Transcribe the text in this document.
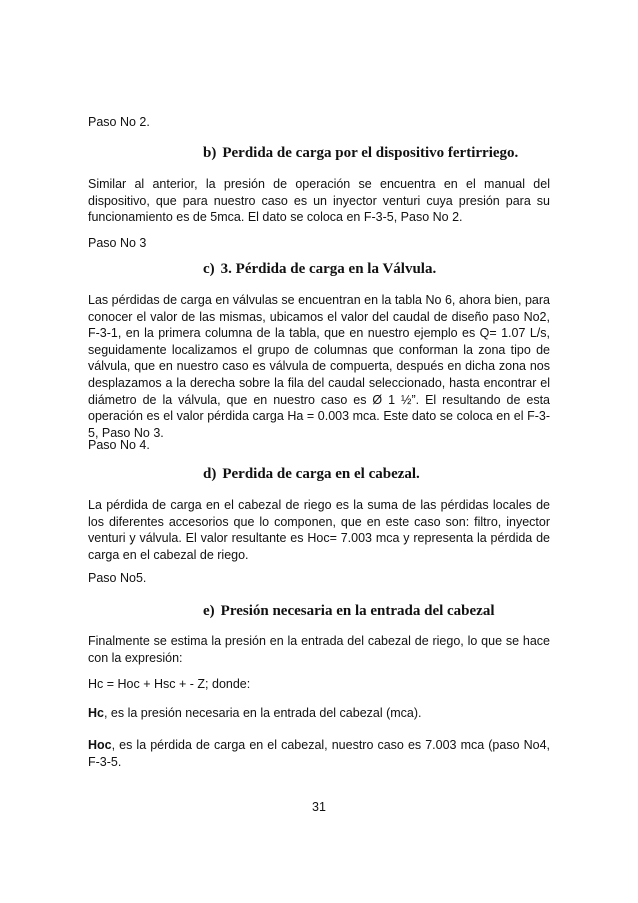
Paso No 2.

b) Perdida de carga por el dispositivo fertirriego.

Similar al anterior, la presión de operación se encuentra en el manual del dispositivo, que para nuestro caso es un inyector venturi cuya presión para su funcionamiento es de 5mca. El dato se coloca en F-3-5, Paso No 2.

Paso No 3

c) 3. Pérdida de carga en la Válvula.

Las pérdidas de carga en válvulas se encuentran en la tabla No 6, ahora bien, para conocer el valor de las mismas, ubicamos el valor del caudal de diseño paso No2, F-3-1, en la primera columna de la tabla, que en nuestro ejemplo es Q= 1.07 L/s, seguidamente localizamos el grupo de columnas que conforman la zona tipo de válvula, que en nuestro caso es válvula de compuerta, después en dicha zona nos desplazamos a la derecha sobre la fila del caudal seleccionado, hasta encontrar el diámetro de la válvula, que en nuestro caso es Ø 1 ½”. El resultando de esta operación es el valor pérdida carga Ha = 0.003 mca. Este dato se coloca en el F-3-5, Paso No 3.

Paso No 4.

d) Perdida de carga en el cabezal.

La pérdida de carga en el cabezal de riego es la suma de las pérdidas locales de los diferentes accesorios que lo componen, que en este caso son: filtro, inyector venturi y válvula. El valor resultante es Hoc= 7.003 mca y representa la pérdida de carga en el cabezal de riego.

Paso No5.

e) Presión necesaria en la entrada del cabezal

Finalmente se estima la presión en la entrada del cabezal de riego, lo que se hace con la expresión:

Hc = Hoc + Hsc + - Z; donde:

Hc, es la presión necesaria en la entrada del cabezal (mca).

Hoc, es la pérdida de carga en el cabezal, nuestro caso es 7.003 mca (paso No4, F-3-5.

31
